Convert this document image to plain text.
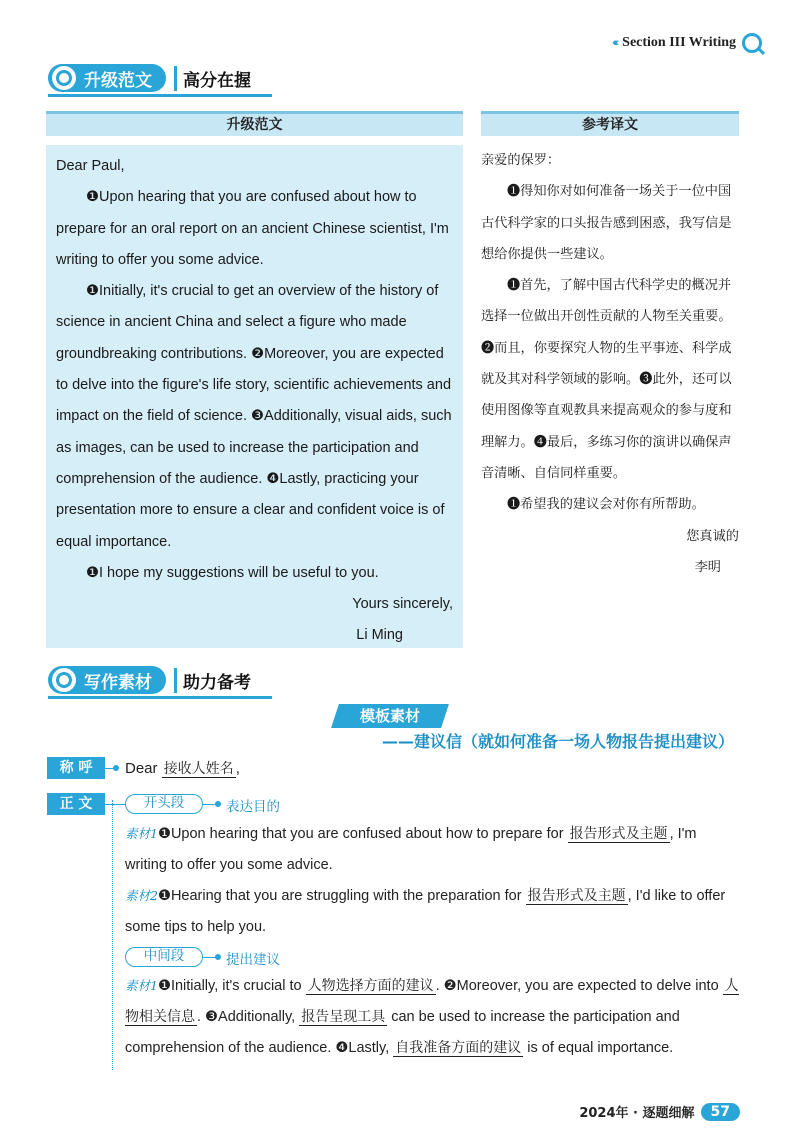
‹‹‹‹‹‹ Section III Writing
升级范文	高分在握
升级范文	参考译文

Dear Paul,

❶Upon hearing that you are confused about how to prepare for an oral report on an ancient Chinese scientist, I'm writing to offer you some advice.

❶Initially, it's crucial to get an overview of the history of science in ancient China and select a figure who made groundbreaking contributions. ❷Moreover, you are expected to delve into the figure's life story, scientific achievements and impact on the field of science. ❸Additionally, visual aids, such as images, can be used to increase the participation and comprehension of the audience. ❹Lastly, practicing your presentation more to ensure a clear and confident voice is of equal importance.

❶I hope my suggestions will be useful to you.

Yours sincerely,

Li Ming

亲爱的保罗：

❶得知你对如何准备一场关于一位中国古代科学家的口头报告感到困惑，我写信是想给你提供一些建议。

❶首先，了解中国古代科学史的概况并选择一位做出开创性贡献的人物至关重要。❷而且，你要探究人物的生平事迹、科学成就及其对科学领域的影响。❸此外，还可以使用图像等直观教具来提高观众的参与度和理解力。❹最后，多练习你的演讲以确保声音清晰、自信同样重要。

❶希望我的建议会对你有所帮助。

您真诚的

李明

写作素材	助力备考
模板素材
——建议信（就如何准备一场人物报告提出建议）
称 呼	Dear 接收人姓名 ,
正 文	开头段	表达目的
素材1❶Upon hearing that you are confused about how to prepare for 报告形式及主题 , I'm writing to offer you some advice.
素材2❶Hearing that you are struggling with the preparation for 报告形式及主题 , I'd like to offer some tips to help you.
中间段	提出建议
素材1❶Initially, it's crucial to 人物选择方面的建议 . ❷Moreover, you are expected to delve into 人物相关信息 . ❸Additionally, 报告呈现工具 can be used to increase the participation and comprehension of the audience. ❹Lastly, 自我准备方面的建议 is of equal importance.
2024年 · 逐题细解	57
